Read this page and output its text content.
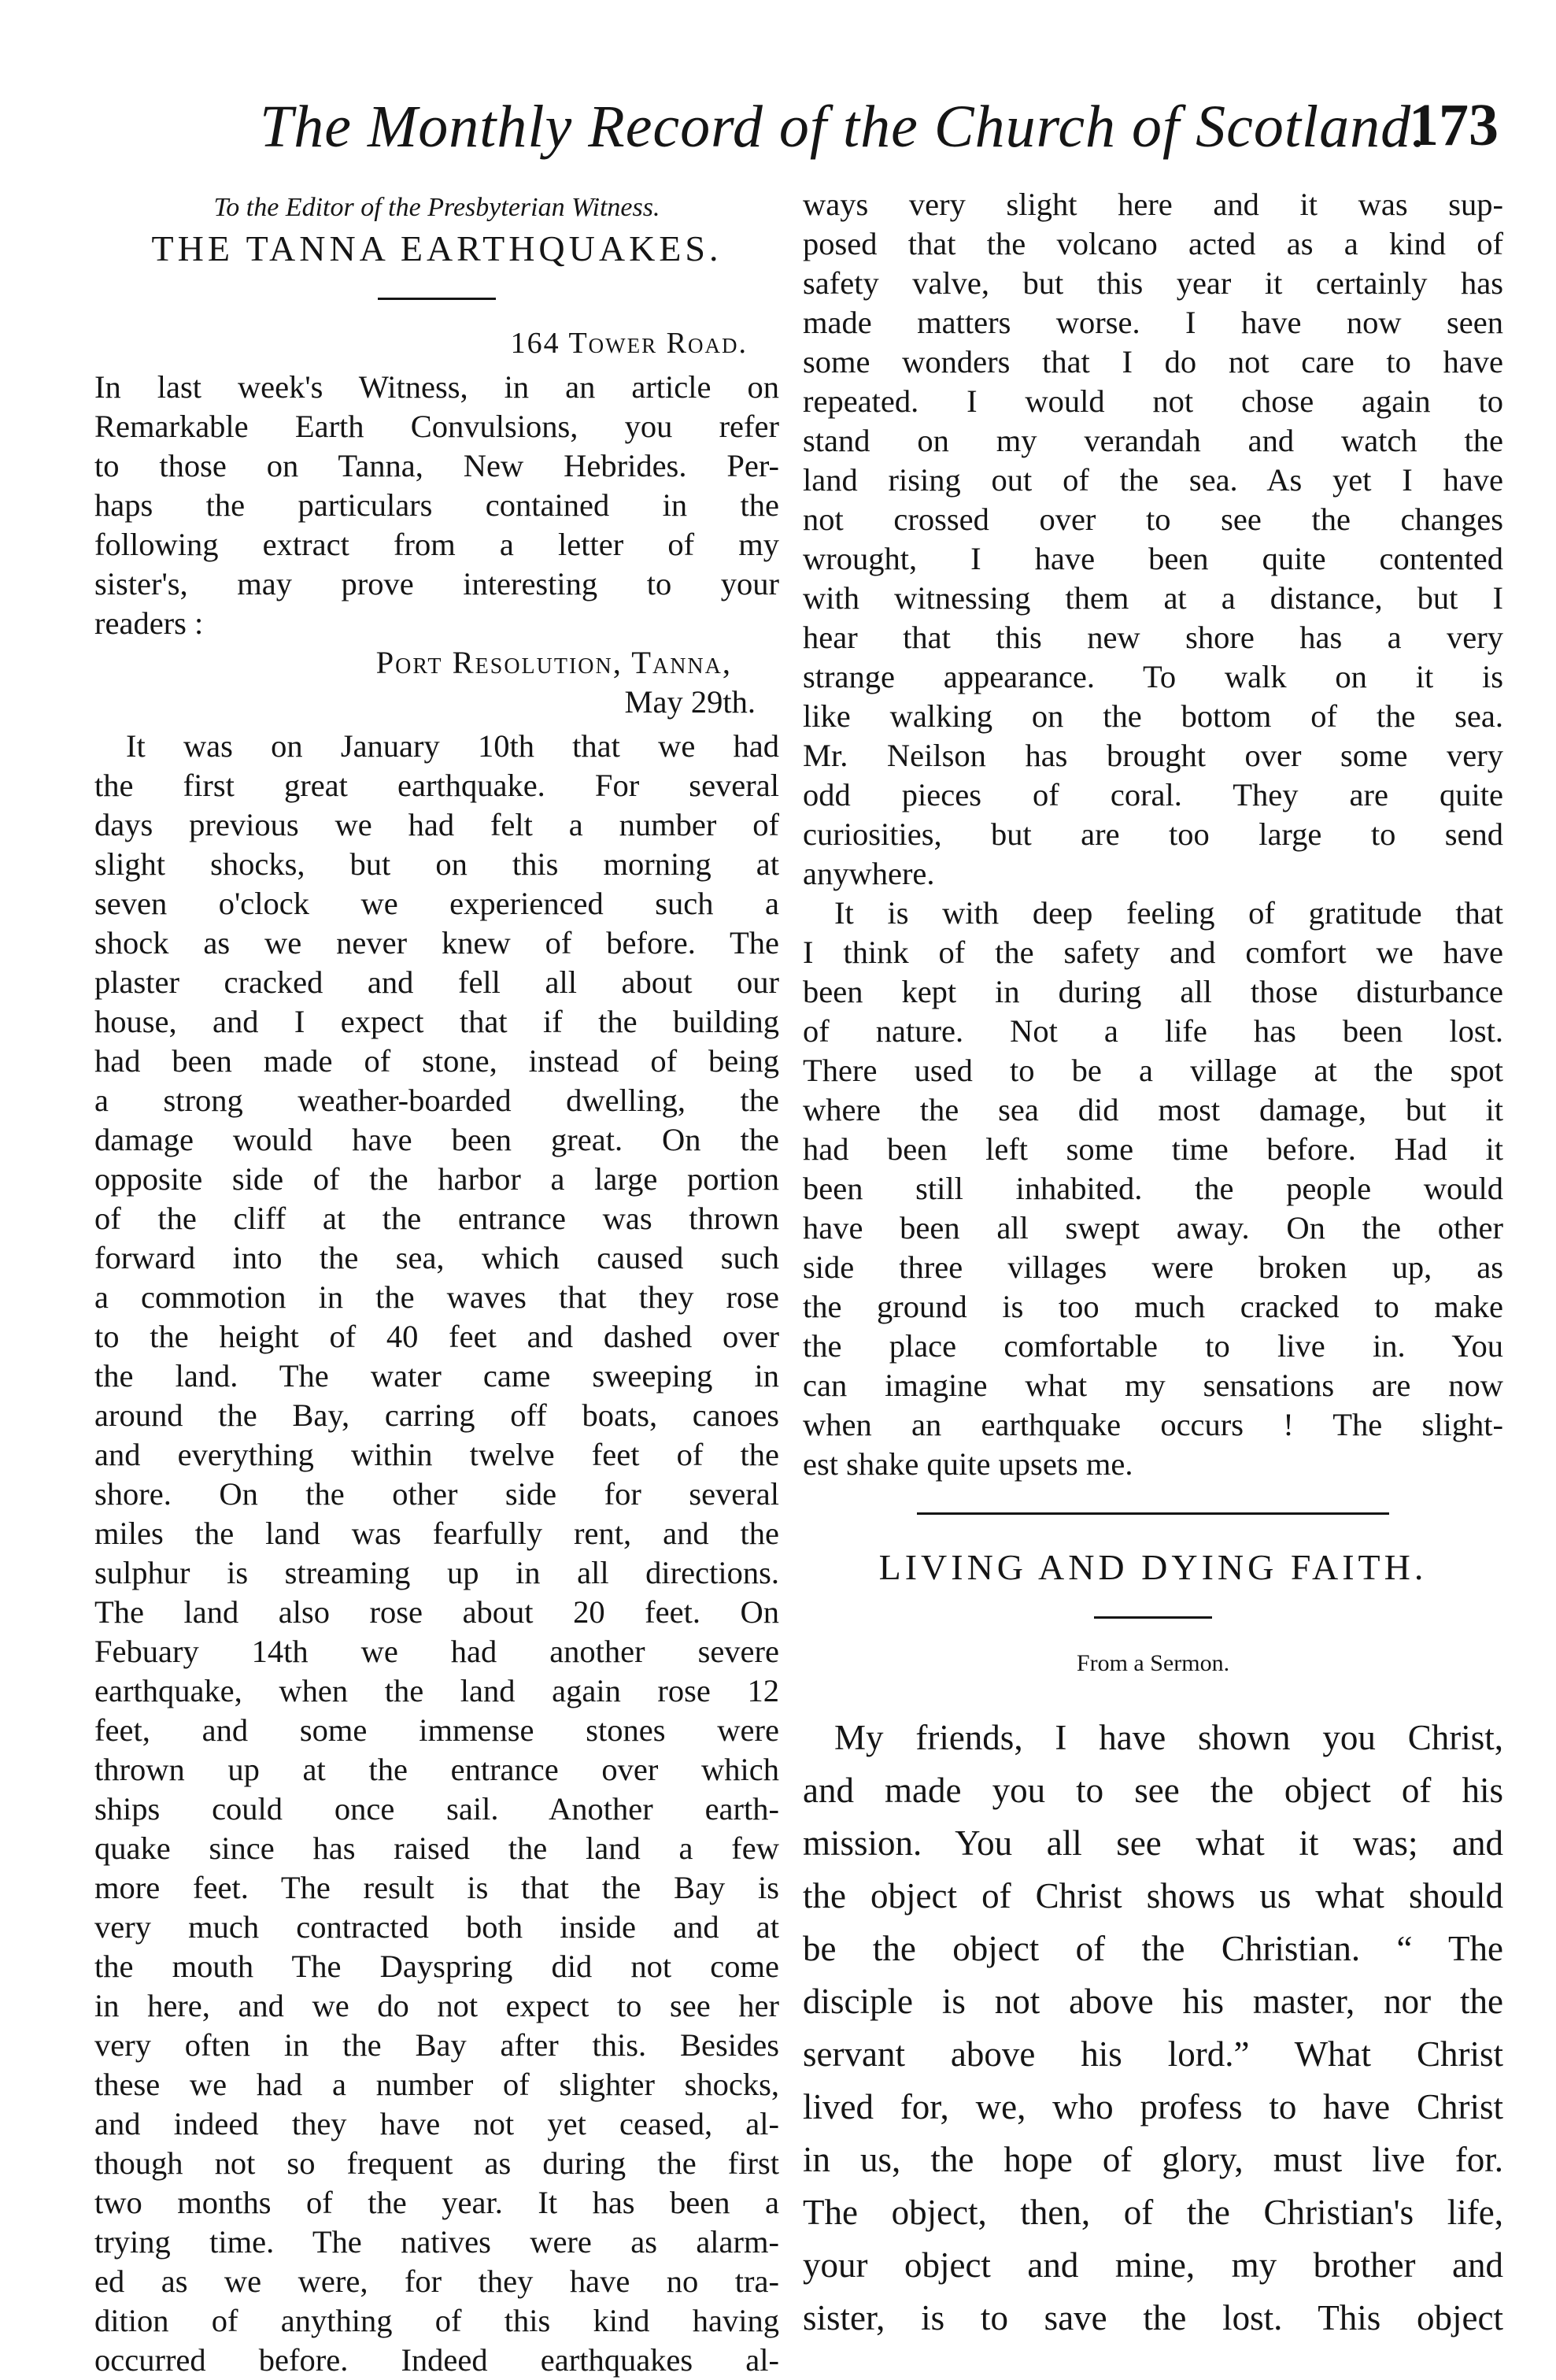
The Monthly Record of the Church of Scotland.
173
To the Editor of the Presbyterian Witness.
THE TANNA EARTHQUAKES.
164 Tower Road.
In last week's Witness, in an article on
Remarkable Earth Convulsions, you refer
to those on Tanna, New Hebrides. Per-
haps the particulars contained in the
following extract from a letter of my
sister's, may prove interesting to your
readers :
Port Resolution, Tanna,
May 29th.
It was on January 10th that we had
the first great earthquake. For several
days previous we had felt a number of
slight shocks, but on this morning at
seven o'clock we experienced such a
shock as we never knew of before. The
plaster cracked and fell all about our
house, and I expect that if the building
had been made of stone, instead of being
a strong weather-boarded dwelling, the
damage would have been great. On the
opposite side of the harbor a large portion
of the cliff at the entrance was thrown
forward into the sea, which caused such
a commotion in the waves that they rose
to the height of 40 feet and dashed over
the land. The water came sweeping in
around the Bay, carring off boats, canoes
and everything within twelve feet of the
shore. On the other side for several
miles the land was fearfully rent, and the
sulphur is streaming up in all directions.
The land also rose about 20 feet. On
Febuary 14th we had another severe
earthquake, when the land again rose 12
feet, and some immense stones were
thrown up at the entrance over which
ships could once sail. Another earth-
quake since has raised the land a few
more feet. The result is that the Bay is
very much contracted both inside and at
the mouth The Dayspring did not come
in here, and we do not expect to see her
very often in the Bay after this. Besides
these we had a number of slighter shocks,
and indeed they have not yet ceased, al-
though not so frequent as during the first
two months of the year. It has been a
trying time. The natives were as alarm-
ed as we were, for they have no tra-
dition of anything of this kind having
occurred before. Indeed earthquakes al-
ways very slight here and it was sup-
posed that the volcano acted as a kind of
safety valve, but this year it certainly has
made matters worse. I have now seen
some wonders that I do not care to have
repeated. I would not chose again to
stand on my verandah and watch the
land rising out of the sea. As yet I have
not crossed over to see the changes
wrought, I have been quite contented
with witnessing them at a distance, but I
hear that this new shore has a very
strange appearance. To walk on it is
like walking on the bottom of the sea.
Mr. Neilson has brought over some very
odd pieces of coral. They are quite
curiosities, but are too large to send
anywhere.
It is with deep feeling of gratitude that
I think of the safety and comfort we have
been kept in during all those disturbance
of nature. Not a life has been lost.
There used to be a village at the spot
where the sea did most damage, but it
had been left some time before. Had it
been still inhabited. the people would
have been all swept away. On the other
side three villages were broken up, as
the ground is too much cracked to make
the place comfortable to live in. You
can imagine what my sensations are now
when an earthquake occurs ! The slight-
est shake quite upsets me.
LIVING AND DYING FAITH.
From a Sermon.
My friends, I have shown you Christ,
and made you to see the object of his
mission. You all see what it was; and
the object of Christ shows us what should
be the object of the Christian. “ The
disciple is not above his master, nor the
servant above his lord.” What Christ
lived for, we, who profess to have Christ
in us, the hope of glory, must live for.
The object, then, of the Christian's life,
your object and mine, my brother and
sister, is to save the lost. This object
